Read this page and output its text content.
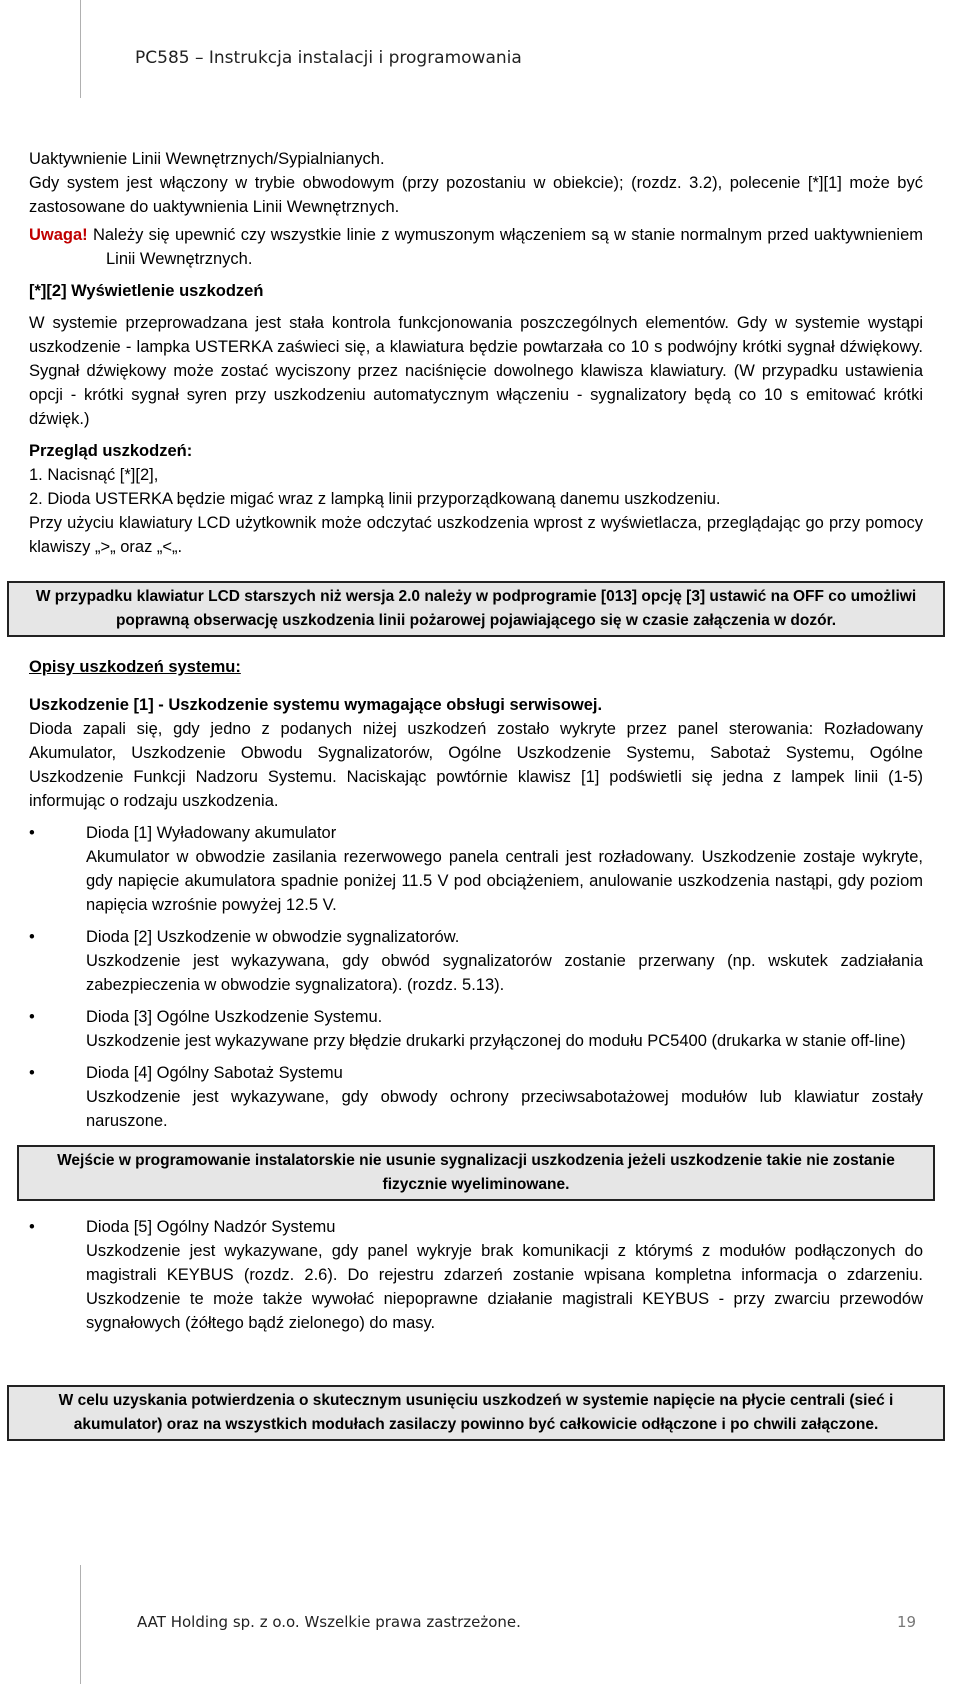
PC585 – Instrukcja instalacji i programowania

Uaktywnienie Linii Wewnętrznych/Sypialnianych.

Gdy system jest włączony w trybie obwodowym (przy pozostaniu w obiekcie); (rozdz. 3.2), polecenie [*][1] może być zastosowane do uaktywnienia Linii Wewnętrznych.

Uwaga! Należy się upewnić czy wszystkie linie z wymuszonym włączeniem są w stanie normalnym przed uaktywnieniem Linii Wewnętrznych.

[*][2] Wyświetlenie uszkodzeń

W systemie przeprowadzana jest stała kontrola funkcjonowania poszczególnych elementów. Gdy w systemie wystąpi uszkodzenie - lampka USTERKA zaświeci się, a klawiatura będzie powtarzała co 10 s podwójny krótki sygnał dźwiękowy. Sygnał dźwiękowy może zostać wyciszony przez naciśnięcie dowolnego klawisza klawiatury. (W przypadku ustawienia opcji - krótki sygnał syren przy uszkodzeniu automatycznym włączeniu - sygnalizatory będą co 10 s emitować krótki dźwięk.)

Przegląd uszkodzeń:

1. Nacisnąć [*][2],

2. Dioda USTERKA będzie migać wraz z lampką linii przyporządkowaną danemu uszkodzeniu.

Przy użyciu klawiatury LCD użytkownik może odczytać uszkodzenia wprost z wyświetlacza, przeglądając go przy pomocy klawiszy „>„ oraz „<„.

W przypadku klawiatur LCD starszych niż wersja 2.0 należy w podprogramie [013] opcję [3] ustawić na OFF co umożliwi poprawną obserwację uszkodzenia linii pożarowej pojawiającego się w czasie załączenia w dozór.

Opisy uszkodzeń systemu:

Uszkodzenie [1] - Uszkodzenie systemu wymagające obsługi serwisowej.

Dioda zapali się, gdy jedno z podanych niżej uszkodzeń zostało wykryte przez panel sterowania: Rozładowany Akumulator, Uszkodzenie Obwodu Sygnalizatorów, Ogólne Uszkodzenie Systemu, Sabotaż Systemu, Ogólne Uszkodzenie Funkcji Nadzoru Systemu. Naciskając powtórnie klawisz [1] podświetli się jedna z lampek linii (1-5) informując o rodzaju uszkodzenia.

•	Dioda [1] Wyładowany akumulator

Akumulator w obwodzie zasilania rezerwowego panela centrali jest rozładowany. Uszkodzenie zostaje wykryte, gdy napięcie akumulatora spadnie poniżej 11.5 V pod obciążeniem, anulowanie uszkodzenia nastąpi, gdy poziom napięcia wzrośnie powyżej 12.5 V.

•	Dioda [2] Uszkodzenie w obwodzie sygnalizatorów.

Uszkodzenie jest wykazywana, gdy obwód sygnalizatorów zostanie przerwany (np. wskutek zadziałania zabezpieczenia w obwodzie sygnalizatora). (rozdz. 5.13).

•	Dioda [3] Ogólne Uszkodzenie Systemu.

Uszkodzenie jest wykazywane przy błędzie drukarki przyłączonej do modułu PC5400 (drukarka w stanie off-line)

•	Dioda [4] Ogólny Sabotaż Systemu

Uszkodzenie jest wykazywane, gdy obwody ochrony przeciwsabotażowej modułów lub klawiatur zostały naruszone.

Wejście w programowanie instalatorskie nie usunie sygnalizacji uszkodzenia jeżeli uszkodzenie takie nie zostanie fizycznie wyeliminowane.
•	Dioda [5] Ogólny Nadzór Systemu

Uszkodzenie jest wykazywane, gdy panel wykryje brak komunikacji z którymś z modułów podłączonych do magistrali KEYBUS (rozdz. 2.6). Do rejestru zdarzeń zostanie wpisana kompletna informacja o zdarzeniu. Uszkodzenie te może także wywołać niepoprawne działanie magistrali KEYBUS - przy zwarciu przewodów sygnałowych (żółtego bądź zielonego) do masy.

W celu uzyskania potwierdzenia o skutecznym usunięciu uszkodzeń w systemie napięcie na płycie centrali (sieć i akumulator) oraz na wszystkich modułach zasilaczy powinno być całkowicie odłączone i po chwili załączone.
AAT Holding sp. z o.o. Wszelkie prawa zastrzeżone.	19
